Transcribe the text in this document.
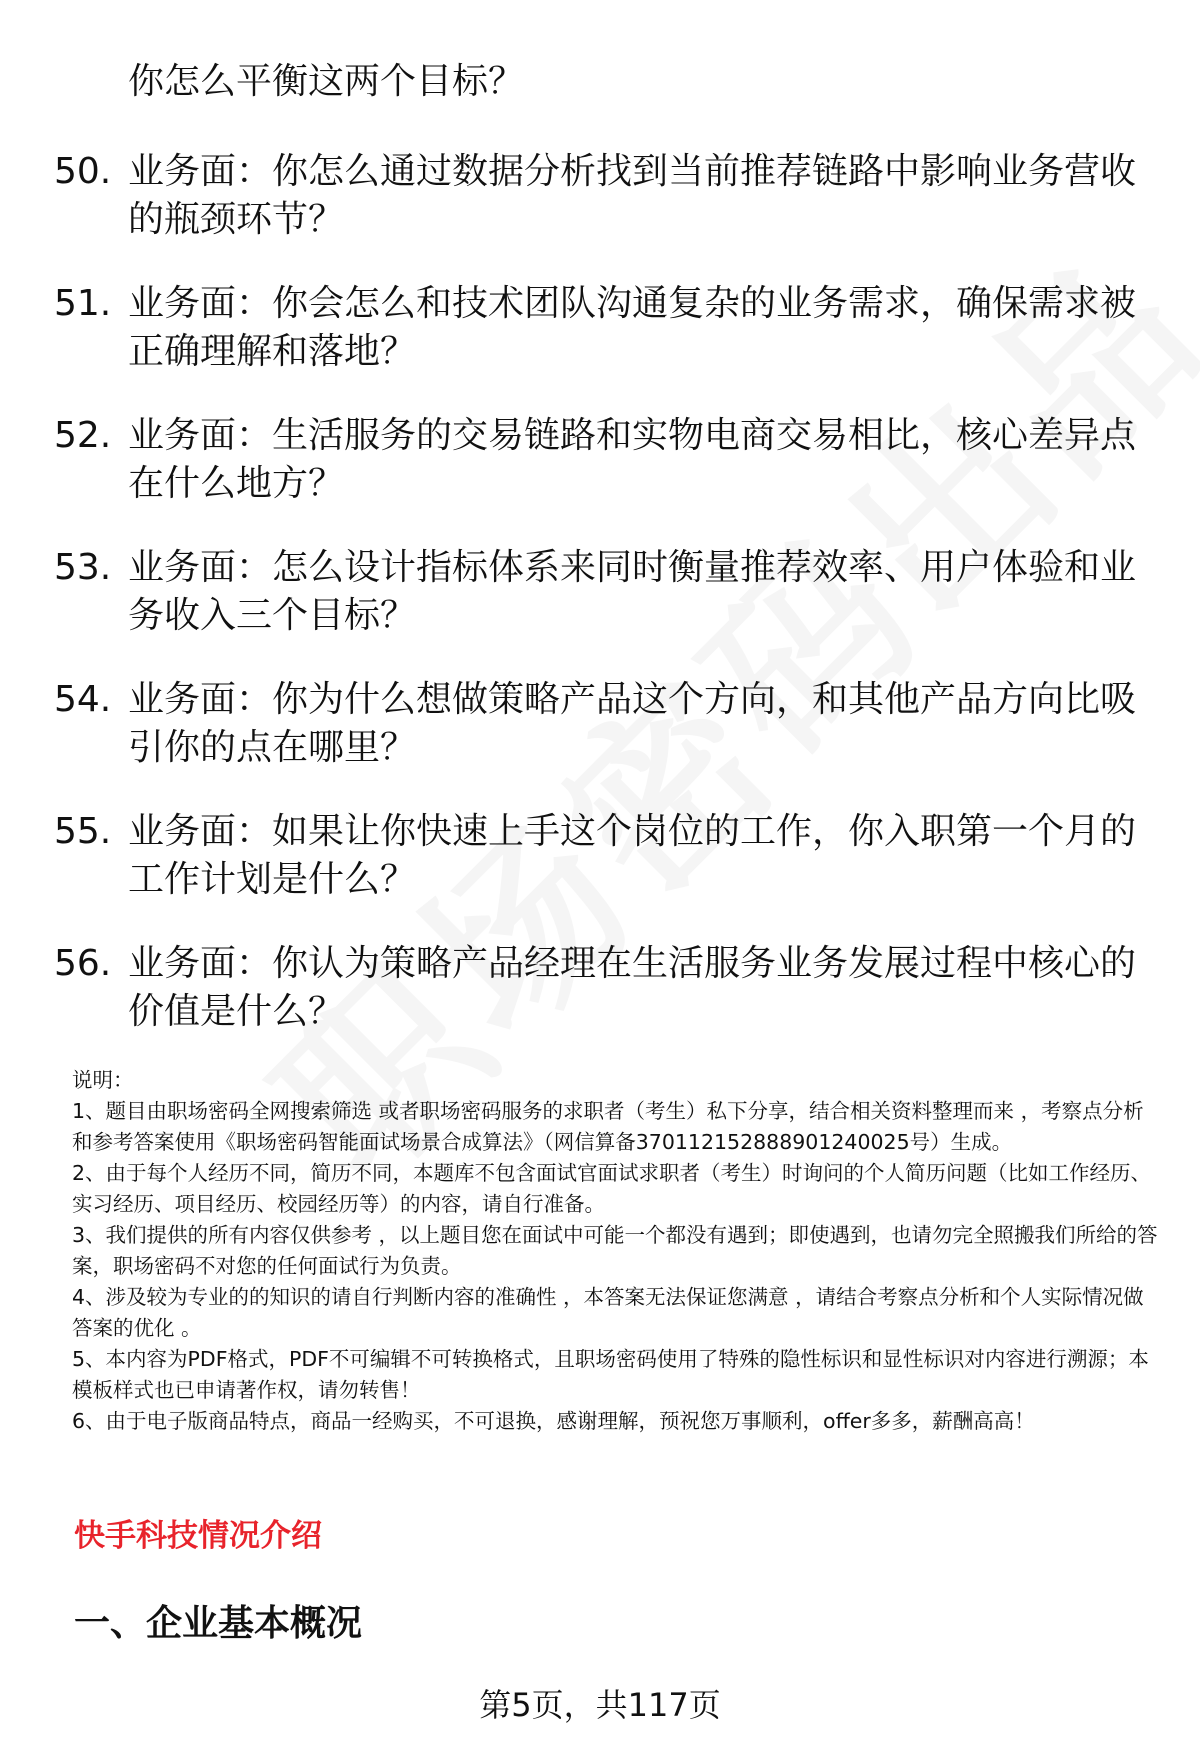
你怎么平衡这两个目标？
50. 业务面：你怎么通过数据分析找到当前推荐链路中影响业务营收的瓶颈环节？
51. 业务面：你会怎么和技术团队沟通复杂的业务需求，确保需求被正确理解和落地？
52. 业务面：生活服务的交易链路和实物电商交易相比，核心差异点在什么地方？
53. 业务面：怎么设计指标体系来同时衡量推荐效率、用户体验和业务收入三个目标？
54. 业务面：你为什么想做策略产品这个方向，和其他产品方向比吸引你的点在哪里？
55. 业务面：如果让你快速上手这个岗位的工作，你入职第一个月的工作计划是什么？
56. 业务面：你认为策略产品经理在生活服务业务发展过程中核心的价值是什么？

说明：

1、题目由职场密码全网搜索筛选 或者职场密码服务的求职者（考生）私下分享，结合相关资料整理而来 ，考察点分析和参考答案使用《职场密码智能面试场景合成算法》（网信算备370112152888901240025号）生成。

2、由于每个人经历不同，简历不同，本题库不包含面试官面试求职者（考生）时询问的个人简历问题（比如工作经历、实习经历、项目经历、校园经历等）的内容，请自行准备。

3、我们提供的所有内容仅供参考 ，以上题目您在面试中可能一个都没有遇到；即使遇到，也请勿完全照搬我们所给的答案，职场密码不对您的任何面试行为负责。

4、涉及较为专业的的知识的请自行判断内容的准确性 ，本答案无法保证您满意 ，请结合考察点分析和个人实际情况做答案的优化 。

5、本内容为PDF格式，PDF不可编辑不可转换格式，且职场密码使用了特殊的隐性标识和显性标识对内容进行溯源；本模板样式也已申请著作权，请勿转售！

6、由于电子版商品特点，商品一经购买，不可退换，感谢理解，预祝您万事顺利，offer多多，薪酬高高！

快手科技情况介绍
一、企业基本概况
第5页，共117页
